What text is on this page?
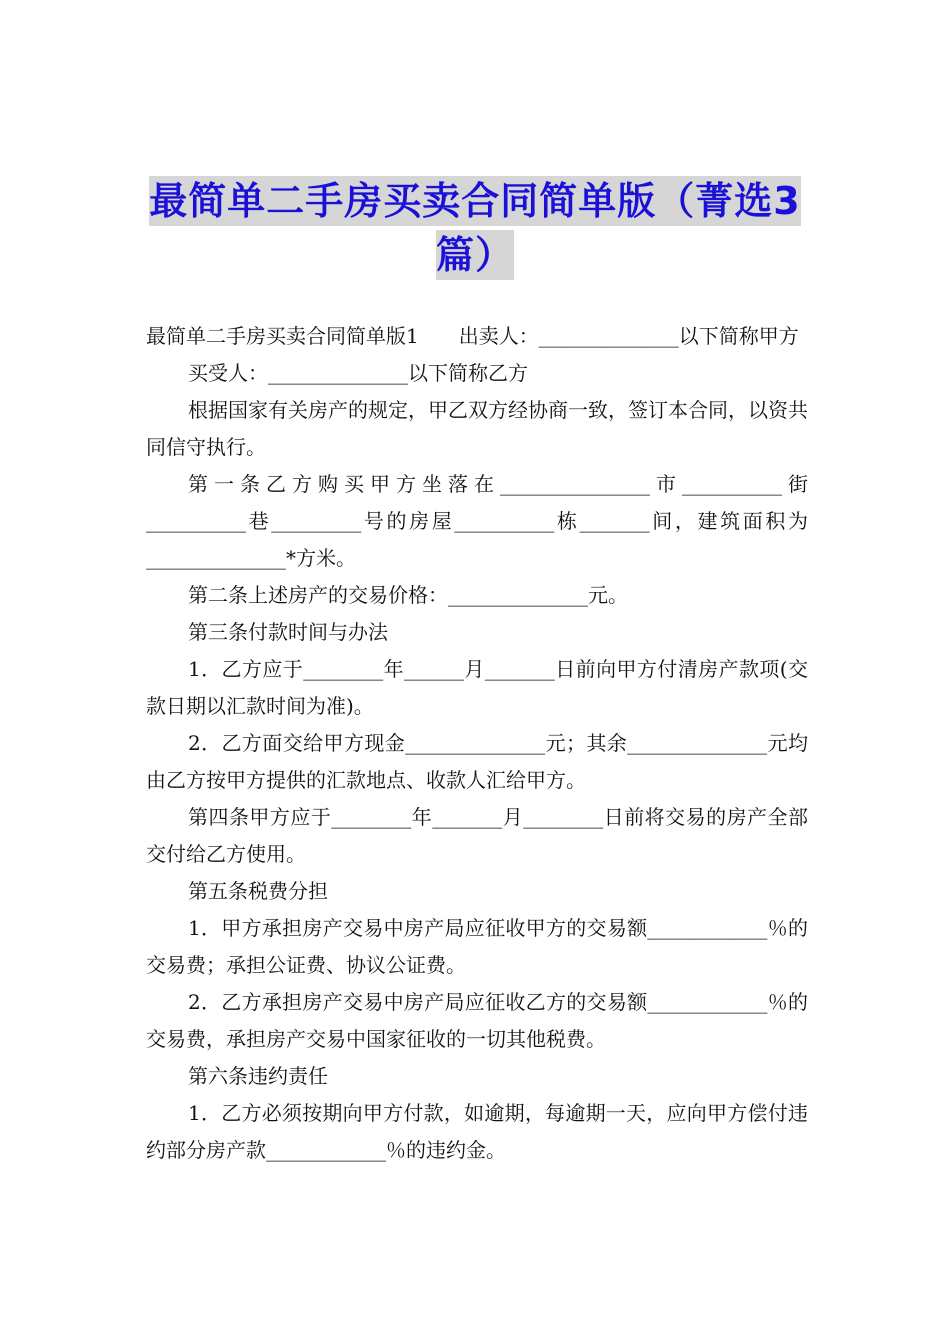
最简单二手房买卖合同简单版（菁选3
篇）

最简单二手房买卖合同简单版1　　出卖人：______________以下简称甲方

买受人：______________以下简称乙方

根据国家有关房产的规定，甲乙双方经协商一致，签订本合同，以资共同信守执行。

第一条乙方购买甲方坐落在_______________市__________街__________巷_________号的房屋__________栋_______间，建筑面积为______________*方米。

第二条上述房产的交易价格：______________元。

第三条付款时间与办法

1．乙方应于________年______月_______日前向甲方付清房产款项(交款日期以汇款时间为准)。

2．乙方面交给甲方现金______________元；其余______________元均由乙方按甲方提供的汇款地点、收款人汇给甲方。

第四条甲方应于________年_______月________日前将交易的房产全部交付给乙方使用。

第五条税费分担

1．甲方承担房产交易中房产局应征收甲方的交易额____________％的交易费；承担公证费、协议公证费。

2．乙方承担房产交易中房产局应征收乙方的交易额____________％的交易费，承担房产交易中国家征收的一切其他税费。

第六条违约责任

1．乙方必须按期向甲方付款，如逾期，每逾期一天，应向甲方偿付违约部分房产款____________％的违约金。
